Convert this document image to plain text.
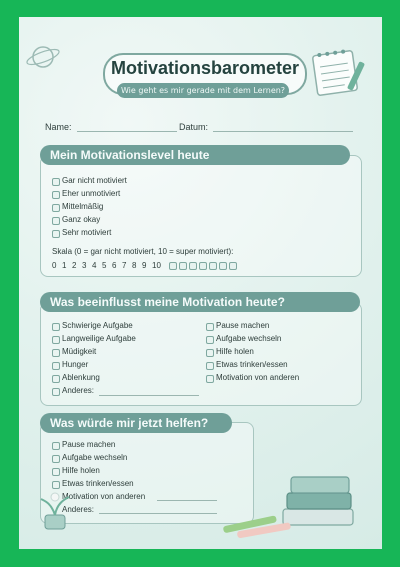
Motivationsbarometer
Wie geht es mir gerade mit dem Lernen?
Name:	Datum:
Mein Motivationslevel heute
Gar nicht motiviert
Eher unmotiviert
Mittelmäßig
Ganz okay
Sehr motiviert
Skala (0 = gar nicht motiviert, 10 = super motiviert):
0 1 2 3 4 5 6 7 8 9 10
Was beeinflusst meine Motivation heute?
Schwierige Aufgabe
Langweilige Aufgabe
Müdigkeit
Hunger
Ablenkung
Anderes:
Pause machen
Aufgabe wechseln
Hilfe holen
Etwas trinken/essen
Motivation von anderen
Was würde mir jetzt helfen?
Pause machen
Aufgabe wechseln
Hilfe holen
Etwas trinken/essen
Motivation von anderen
Anderes:
